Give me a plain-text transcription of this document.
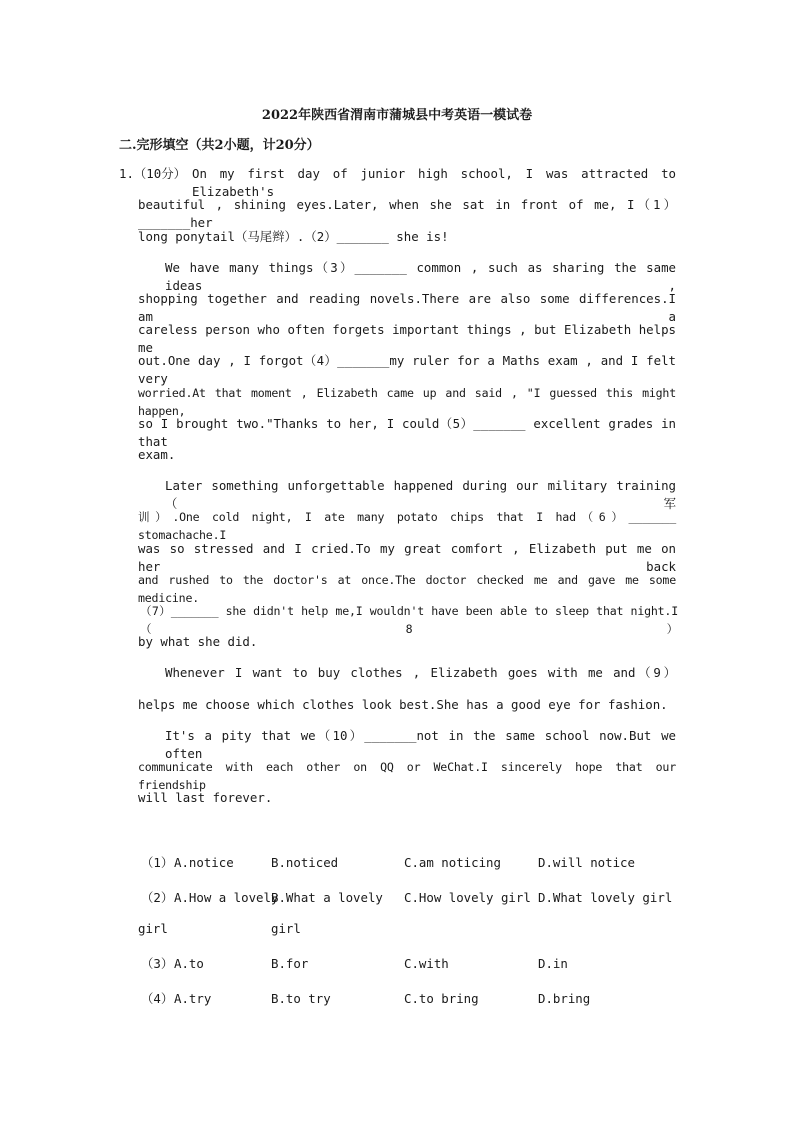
2022年陕西省渭南市蒲城县中考英语一模试卷
二.完形填空（共2小题，计20分）
1.（10分） On my first day of junior high school, I was attracted to Elizabeth's
beautiful , shining eyes.Later, when she sat in front of me, I（1）_______her
long ponytail（马尾辫）.（2）_______ she is!
We have many things（3）_______ common , such as sharing the same ideas ,
shopping together and reading novels.There are also some differences.I am a
careless person who often forgets important things , but Elizabeth helps me
out.One day , I forgot（4）_______my ruler for a Maths exam , and I felt very
worried.At that moment , Elizabeth came up and said , "I guessed this might happen,
so I brought two."Thanks to her, I could（5）_______ excellent grades in that
exam.
Later something unforgettable happened during our military training（军
训）.One cold night, I ate many potato chips that I had（6）_______ stomachache.I
was so stressed and I cried.To my great comfort , Elizabeth put me on her back
and rushed to the doctor's at once.The doctor checked me and gave me some medicine.
（7）_______ she didn't help me,I wouldn't have been able to sleep that night.I（8）
by what she did.
Whenever I want to buy clothes , Elizabeth goes with me and（9）
helps me choose which clothes look best.She has a good eye for fashion.
It's a pity that we（10）_______not in the same school now.But we often
communicate with each other on QQ or WeChat.I sincerely hope that our friendship
will last forever.
（1） A.notice	B.noticed	C.am noticing	D.will notice
（2） A.How a lovely
girl
B.What a lovely
girl
C.How lovely girl D.What lovely girl
（3） A.to	B.for	C.with	D.in
（4） A.try	B.to try	C.to bring	D.bring
